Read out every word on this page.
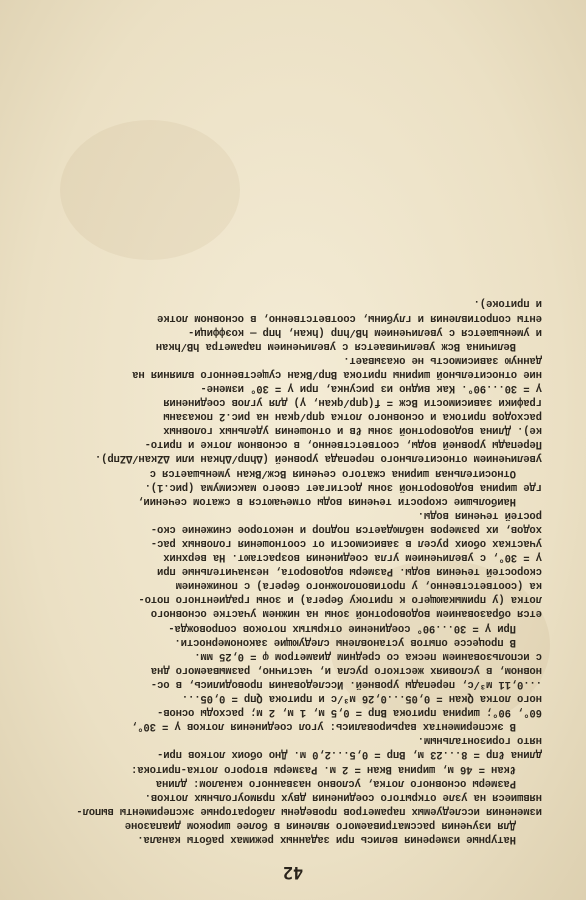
42
Натурные измерения велись при заданных режимах работы канала.
Для изучения рассматриваемого явления в более широком диапазоне
изменения исследуемых параметров проведены лабораторные эксперименты выпол-
нявшиеся на узле открытого соединения двух прямоугольных лотков.
Размеры основного лотка, условно названного каналом: длина
ℓкан = 46 м, ширина Вкан = 2 м. Размеры второго лотка-притока:
длина ℓпр = 8...23 м, Впр = 0,5...2,0 м. Дно обоих лотков при-
нято горизонтальным.
В экспериментах варьировались: угол соединения лотков γ = 30°,
60°, 90°; ширина притока Впр = 0,5 м, 1 м, 2 м; расходы основ-
ного лотка Qкан = 0,05...0,26 м³/с и притока Qпр = 0,05...
...0,11 м³/с, перепады уровней. Исследования проводились, в ос-
новном, в условиях жесткого русла и, частично, размываемого дна
с использованием песка со средним диаметром φ = 0,25 мм.
В процессе опытов установлены следующие закономерности.
При γ = 30...90° соединение открытых потоков сопровожда-
ется образованием водоворотной зоны на нижнем участке основного
лотка (у примыкающего к притоку берега) и зоны градиентного пото-
ка (соответственно, у противоположного берега) с понижением
скоростей течения воды. Размеры водоворота, незначительные при
γ = 30°, с увеличением угла соединения возрастают. На верхних
участках обоих русел в зависимости от соотношения головных рас-
ходов, их размеров наблюдается подпор и некоторое снижение ско-
ростей течения воды.
Наибольшие скорости течения воды отмечаются в сжатом сечении,
где ширина водоворотной зоны достигает своего максимума (рис.1).
Относительная ширина сжатого сечения Всж/Вкан уменьшается с
увеличением относительного перепада уровней (Δhпр/Δhкан или ΔZкан/ΔZпр).
Перепады уровней воды, соответственно, в основном лотке и прито-
ке). Длина водоворотной зоны ℓв и отношения удельных головных
расходов притока и основного лотка qпр/qкан на рис.2 показаны
графики зависимости Всж = f(qпр/qкан, γ) для углов соединения
γ = 30...90°. Как видно из рисунка, при γ = 30° измене-
ние относительной ширины притока Впр/Вкан существенного влияния на
данную зависимость не оказывает.
Величина Всж увеличивается с увеличением параметра hB/hкан
и уменьшается с увеличением hB/hпр (hкан, hпр — коэффици-
енты сопротивления и глубины, соответственно, в основном лотке
и притоке).
